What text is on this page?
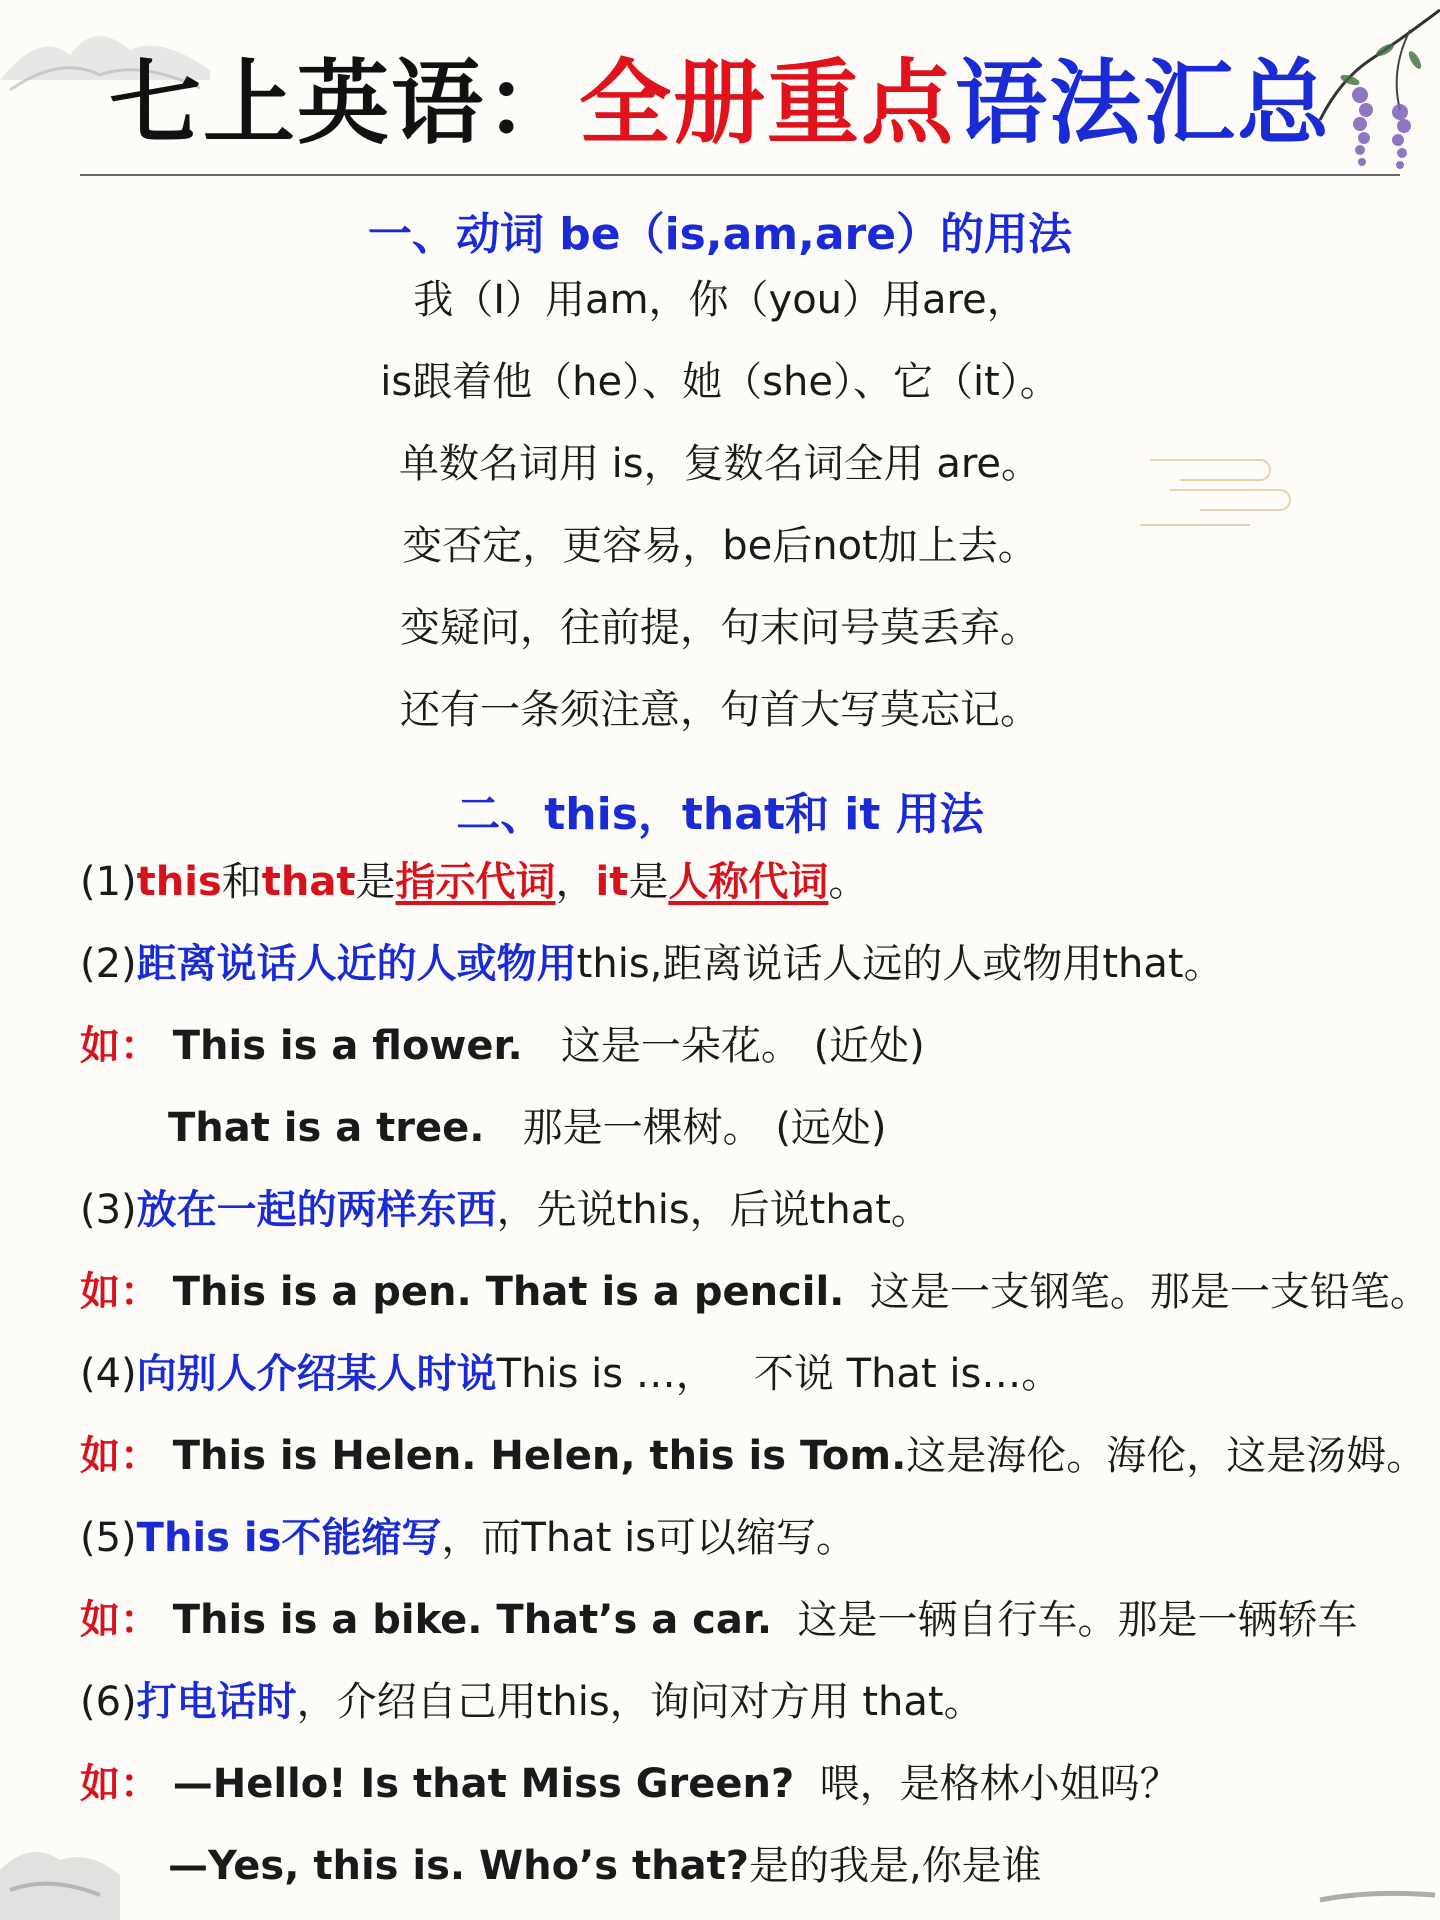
七上英语：全册重点语法汇总
一、动词 be（is,am,are）的用法
我（I）用am，你（you）用are，
is跟着他（he）、她（she）、它（it）。
单数名词用 is，复数名词全用 are。
变否定，更容易，be后not加上去。
变疑问，往前提，句末问号莫丢弃。
还有一条须注意，句首大写莫忘记。
二、this，that和 it 用法
(1)this和that是指示代词，it是人称代词。
(2)距离说话人近的人或物用this,距离说话人远的人或物用that。
如： This is a flower.   这是一朵花。 (近处)
That is a tree.   那是一棵树。 (远处)
(3)放在一起的两样东西，先说this，后说that。
如： This is a pen. That is a pencil.  这是一支钢笔。那是一支铅笔。
(4)向别人介绍某人时说This is …，   不说 That is…。
如： This is Helen. Helen, this is Tom.这是海伦。海伦，这是汤姆。
(5)This is不能缩写，而That is可以缩写。
如： This is a bike. That’s a car.  这是一辆自行车。那是一辆轿车
(6)打电话时，介绍自己用this，询问对方用 that。
如： —Hello! Is that Miss Green?  喂，是格林小姐吗？
—Yes, this is. Who’s that?是的我是,你是谁
